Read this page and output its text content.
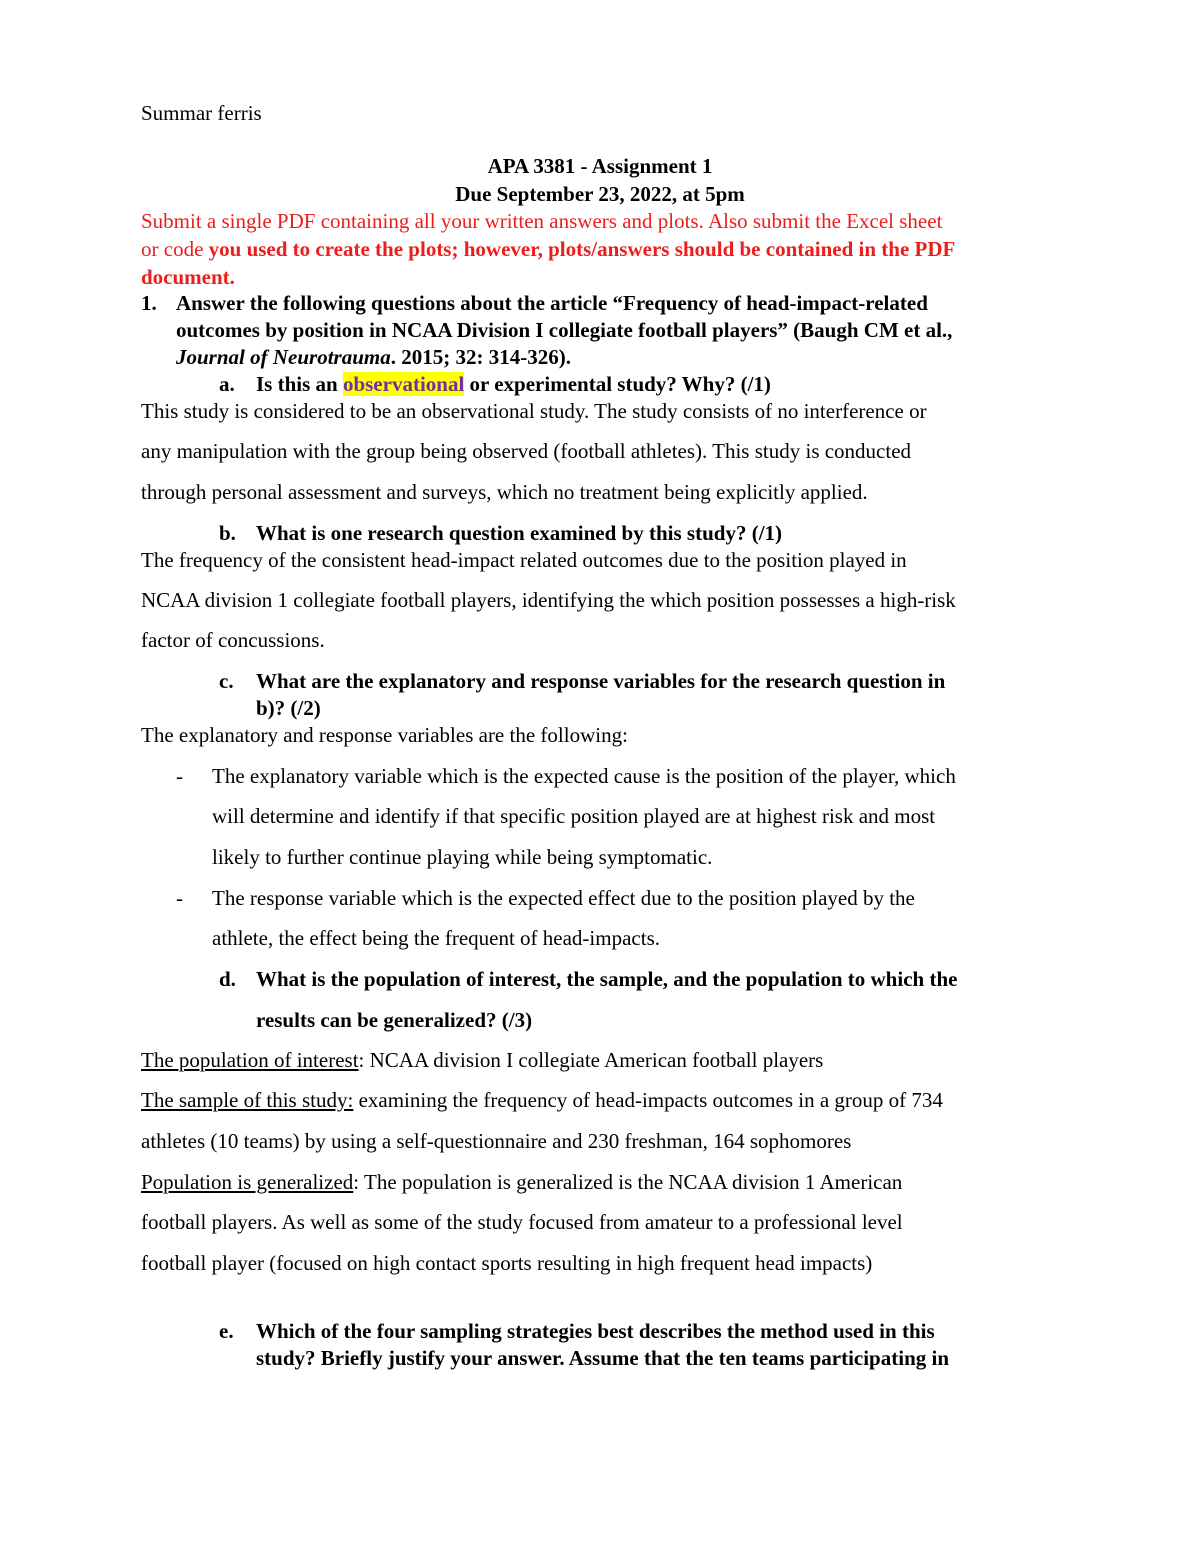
Summar ferris
APA 3381 - Assignment 1
Due September 23, 2022, at 5pm
Submit a single PDF containing all your written answers and plots. Also submit the Excel sheet
or code you used to create the plots; however, plots/answers should be contained in the PDF
document.
1. Answer the following questions about the article “Frequency of head-impact-related
outcomes by position in NCAA Division I collegiate football players” (Baugh CM et al.,
Journal of Neurotrauma. 2015; 32: 314-326).
a. Is this an observational or experimental study? Why? (/1)
This study is considered to be an observational study. The study consists of no interference or
any manipulation with the group being observed (football athletes). This study is conducted
through personal assessment and surveys, which no treatment being explicitly applied.
b. What is one research question examined by this study? (/1)
The frequency of the consistent head-impact related outcomes due to the position played in
NCAA division 1 collegiate football players, identifying the which position possesses a high-risk
factor of concussions.
c. What are the explanatory and response variables for the research question in
b)? (/2)
The explanatory and response variables are the following:
- The explanatory variable which is the expected cause is the position of the player, which
will determine and identify if that specific position played are at highest risk and most
likely to further continue playing while being symptomatic.
- The response variable which is the expected effect due to the position played by the
athlete, the effect being the frequent of head-impacts.
d. What is the population of interest, the sample, and the population to which the
results can be generalized? (/3)
The population of interest: NCAA division I collegiate American football players
The sample of this study: examining the frequency of head-impacts outcomes in a group of 734
athletes (10 teams) by using a self-questionnaire and 230 freshman, 164 sophomores
Population is generalized: The population is generalized is the NCAA division 1 American
football players. As well as some of the study focused from amateur to a professional level
football player (focused on high contact sports resulting in high frequent head impacts)
e. Which of the four sampling strategies best describes the method used in this
study? Briefly justify your answer. Assume that the ten teams participating in
